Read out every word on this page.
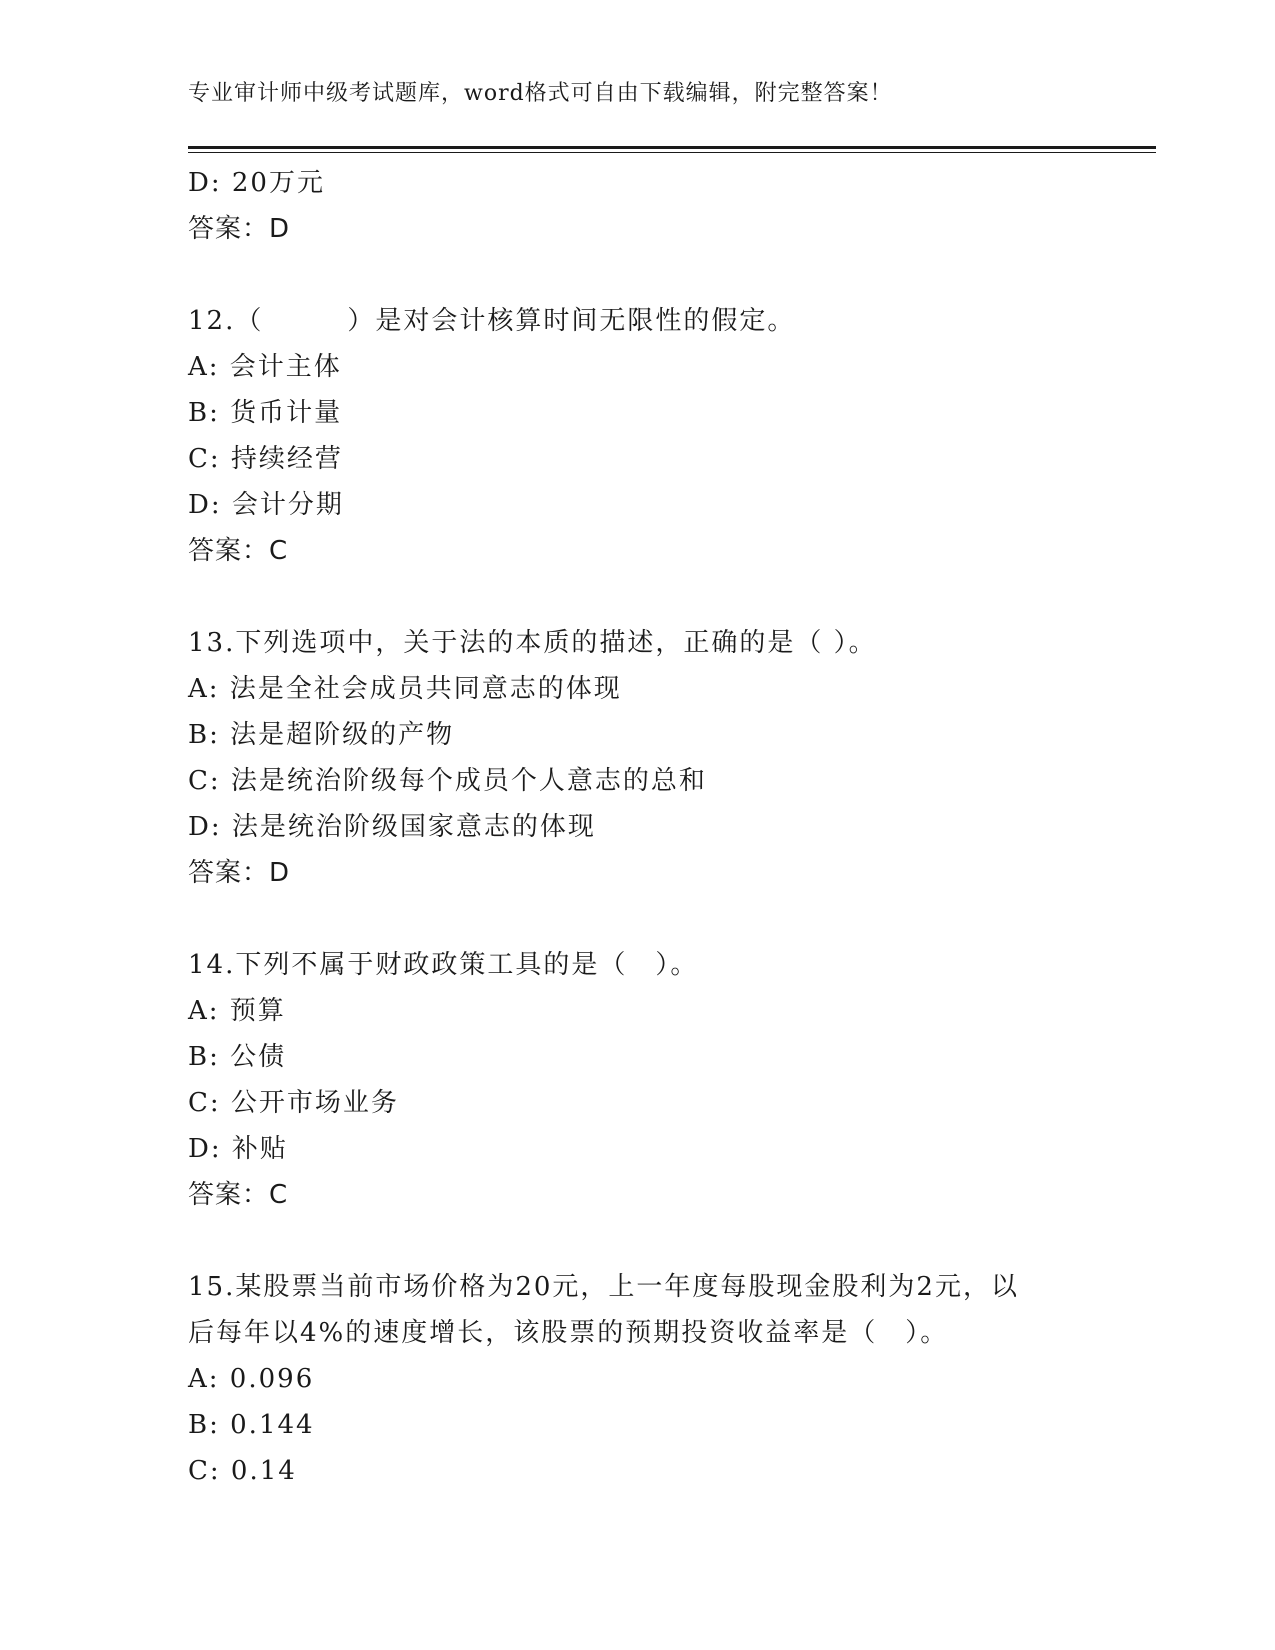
专业审计师中级考试题库，word格式可自由下载编辑，附完整答案！
D: 20万元
答案：D
12.（　　　）是对会计核算时间无限性的假定。
A: 会计主体
B: 货币计量
C: 持续经营
D: 会计分期
答案：C
13.下列选项中，关于法的本质的描述，正确的是（ ）。
A: 法是全社会成员共同意志的体现
B: 法是超阶级的产物
C: 法是统治阶级每个成员个人意志的总和
D: 法是统治阶级国家意志的体现
答案：D
14.下列不属于财政政策工具的是（　）。
A: 预算
B: 公债
C: 公开市场业务
D: 补贴
答案：C
15.某股票当前市场价格为20元，上一年度每股现金股利为2元，以
后每年以4%的速度增长，该股票的预期投资收益率是（　）。
A: 0.096
B: 0.144
C: 0.14
